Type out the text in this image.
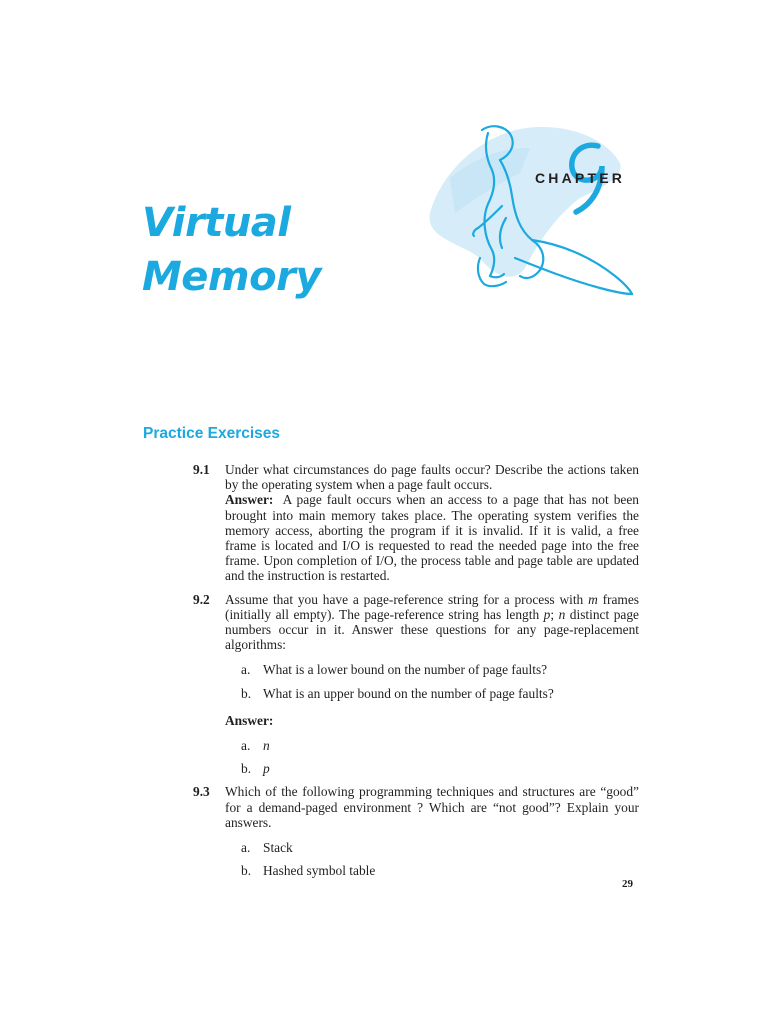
CHAPTER
Virtual
Memory
Practice Exercises
9.1 Under what circumstances do page faults occur? Describe the actions taken by the operating system when a page fault occurs.

Answer: A page fault occurs when an access to a page that has not been brought into main memory takes place. The operating system verifies the memory access, aborting the program if it is invalid. If it is valid, a free frame is located and I/O is requested to read the needed page into the free frame. Upon completion of I/O, the process table and page table are updated and the instruction is restarted.

9.2 Assume that you have a page-reference string for a process with m frames (initially all empty). The page-reference string has length p; n distinct page numbers occur in it. Answer these questions for any page-replacement algorithms:

a. What is a lower bound on the number of page faults?
b. What is an upper bound on the number of page faults?
Answer:
a. n
b. p
9.3 Which of the following programming techniques and structures are “good” for a demand-paged environment ? Which are “not good”? Explain your answers.

a. Stack
b. Hashed symbol table
29
